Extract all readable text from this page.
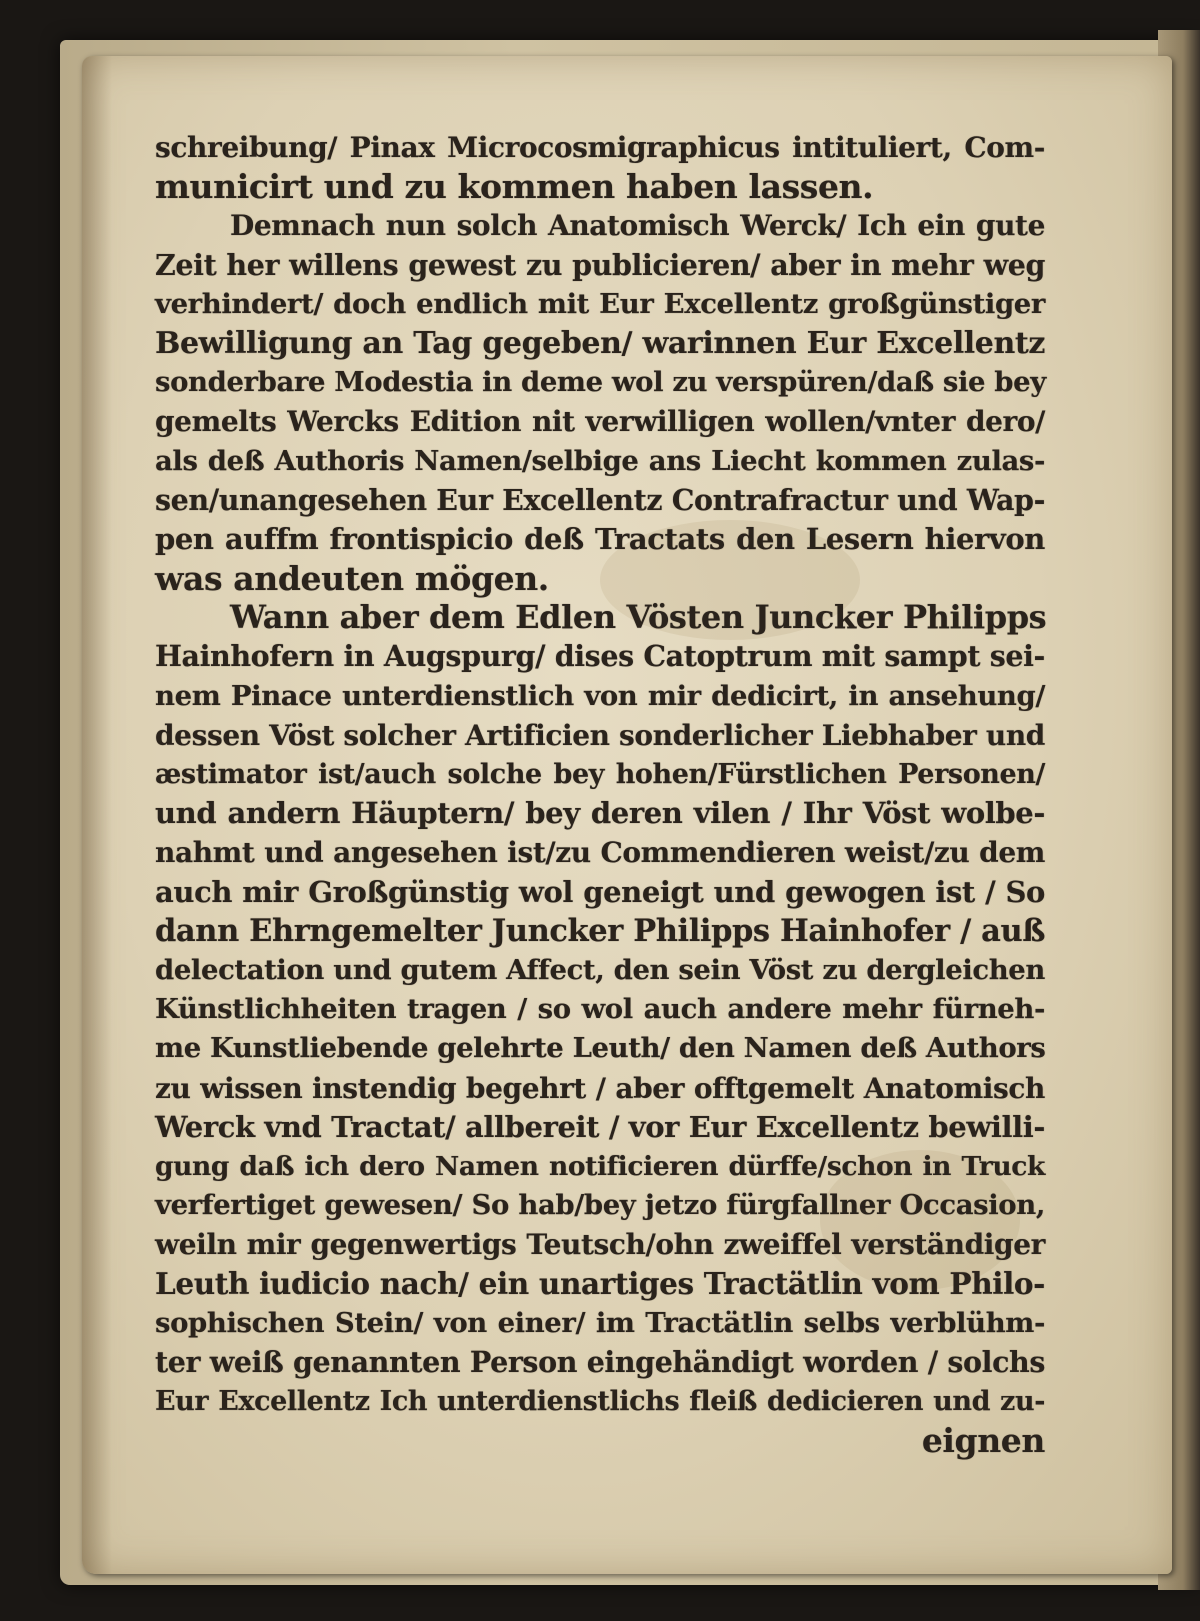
schreibung/ Pinax Microcosmigraphicus intituliert, Com-
municirt und zu kommen haben lassen.
Demnach nun solch Anatomisch Werck/ Ich ein gute
Zeit her willens gewest zu publicieren/ aber in mehr weg
verhindert/ doch endlich mit Eur Excellentz großgünstiger
Bewilligung an Tag gegeben/ warinnen Eur Excellentz
sonderbare Modestia in deme wol zu verspüren/daß sie bey
gemelts Wercks Edition nit verwilligen wollen/vnter dero/
als deß Authoris Namen/selbige ans Liecht kommen zulas-
sen/unangesehen Eur Excellentz Contrafractur und Wap-
pen auffm frontispicio deß Tractats den Lesern hiervon
was andeuten mögen.
Wann aber dem Edlen Vösten Juncker Philipps
Hainhofern in Augspurg/ dises Catoptrum mit sampt sei-
nem Pinace unterdienstlich von mir dedicirt, in ansehung/
dessen Vöst solcher Artificien sonderlicher Liebhaber und
æstimator ist/auch solche bey hohen/Fürstlichen Personen/
und andern Häuptern/ bey deren vilen / Ihr Vöst wolbe-
nahmt und angesehen ist/zu Commendieren weist/zu dem
auch mir Großgünstig wol geneigt und gewogen ist / So
dann Ehrngemelter Juncker Philipps Hainhofer / auß
delectation und gutem Affect, den sein Vöst zu dergleichen
Künstlichheiten tragen / so wol auch andere mehr fürneh-
me Kunstliebende gelehrte Leuth/ den Namen deß Authors
zu wissen instendig begehrt / aber offtgemelt Anatomisch
Werck vnd Tractat/ allbereit / vor Eur Excellentz bewilli-
gung daß ich dero Namen notificieren dürffe/schon in Truck
verfertiget gewesen/ So hab/bey jetzo fürgfallner Occasion,
weiln mir gegenwertigs Teutsch/ohn zweiffel verständiger
Leuth iudicio nach/ ein unartiges Tractätlin vom Philo-
sophischen Stein/ von einer/ im Tractätlin selbs verblühm-
ter weiß genannten Person eingehändigt worden / solchs
Eur Excellentz Ich unterdienstlichs fleiß dedicieren und zu-
eignen
